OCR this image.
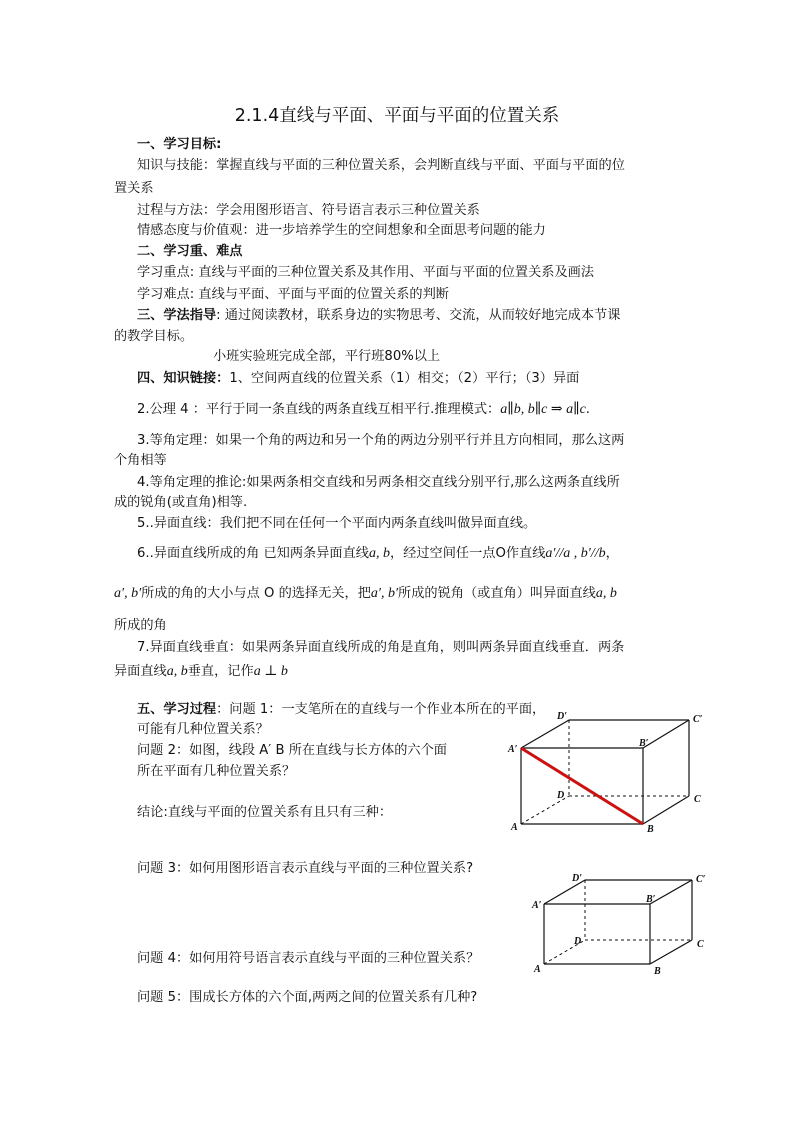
2.1.4直线与平面、平面与平面的位置关系
一、学习目标:
知识与技能：掌握直线与平面的三种位置关系，会判断直线与平面、平面与平面的位
置关系
过程与方法：学会用图形语言、符号语言表示三种位置关系
情感态度与价值观：进一步培养学生的空间想象和全面思考问题的能力
二、学习重、难点
学习重点: 直线与平面的三种位置关系及其作用、平面与平面的位置关系及画法
学习难点: 直线与平面、平面与平面的位置关系的判断
三、学法指导: 通过阅读教材，联系身边的实物思考、交流，从而较好地完成本节课
的教学目标。
小班实验班完成全部，平行班80%以上
四、知识链接：1、空间两直线的位置关系（1）相交；（2）平行；（3）异面
2.公理 4 ：平行于同一条直线的两条直线互相平行.推理模式：a∥b, b∥c ⇒ a∥c.
3.等角定理：如果一个角的两边和另一个角的两边分别平行并且方向相同，那么这两
个角相等
4.等角定理的推论:如果两条相交直线和另两条相交直线分别平行,那么这两条直线所
成的锐角(或直角)相等.
5..异面直线：我们把不同在任何一个平面内两条直线叫做异面直线。
6..异面直线所成的角 已知两条异面直线a, b，经过空间任一点O作直线a′//a , b′//b，
a′, b′所成的角的大小与点 O 的选择无关，把a′, b′所成的锐角（或直角）叫异面直线a, b
所成的角
7.异面直线垂直：如果两条异面直线所成的角是直角，则叫两条异面直线垂直．两条
异面直线a, b垂直，记作a ⊥ b
五、学习过程：问题 1：一支笔所在的直线与一个作业本所在的平面，
可能有几种位置关系？
问题 2：如图，线段 A′ B 所在直线与长方体的六个面
所在平面有几种位置关系？
结论:直线与平面的位置关系有且只有三种：
问题 3：如何用图形语言表示直线与平面的三种位置关系?
问题 4：如何用符号语言表示直线与平面的三种位置关系？
问题 5：围成长方体的六个面,两两之间的位置关系有几种?
D′	C′
A′
B′
D	C
A	B
D′	C′
A′
B′
D	C
A	B
